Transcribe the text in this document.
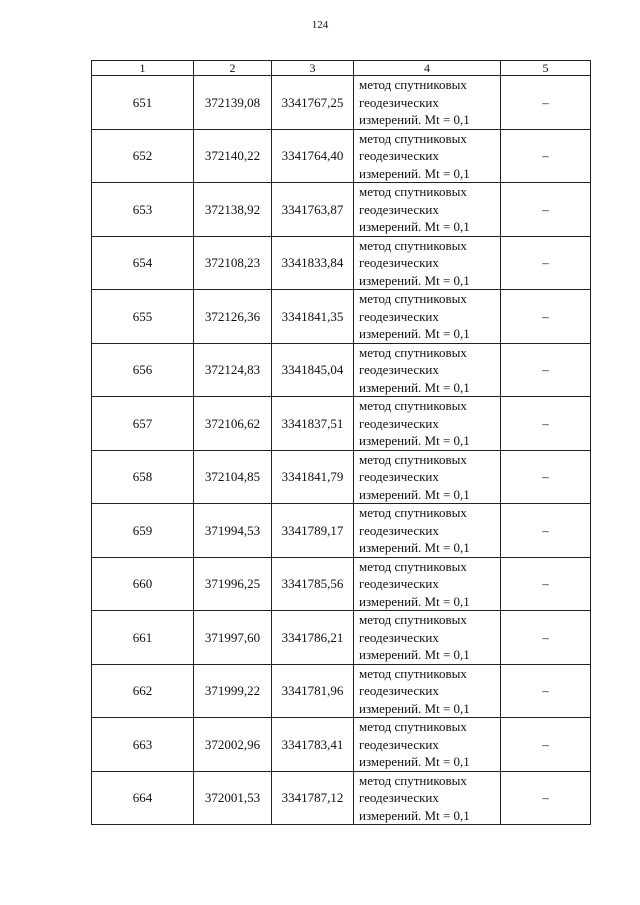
124
1	2	3	4	5
651	372139,08	3341767,25	метод спутниковых
геодезических
измерений. Mt = 0,1	–
652	372140,22	3341764,40	метод спутниковых
геодезических
измерений. Mt = 0,1	–
653	372138,92	3341763,87	метод спутниковых
геодезических
измерений. Mt = 0,1	–
654	372108,23	3341833,84	метод спутниковых
геодезических
измерений. Mt = 0,1	–
655	372126,36	3341841,35	метод спутниковых
геодезических
измерений. Mt = 0,1	–
656	372124,83	3341845,04	метод спутниковых
геодезических
измерений. Mt = 0,1	–
657	372106,62	3341837,51	метод спутниковых
геодезических
измерений. Mt = 0,1	–
658	372104,85	3341841,79	метод спутниковых
геодезических
измерений. Mt = 0,1	–
659	371994,53	3341789,17	метод спутниковых
геодезических
измерений. Mt = 0,1	–
660	371996,25	3341785,56	метод спутниковых
геодезических
измерений. Mt = 0,1	–
661	371997,60	3341786,21	метод спутниковых
геодезических
измерений. Mt = 0,1	–
662	371999,22	3341781,96	метод спутниковых
геодезических
измерений. Mt = 0,1	–
663	372002,96	3341783,41	метод спутниковых
геодезических
измерений. Mt = 0,1	–
664	372001,53	3341787,12	метод спутниковых
геодезических
измерений. Mt = 0,1	–
